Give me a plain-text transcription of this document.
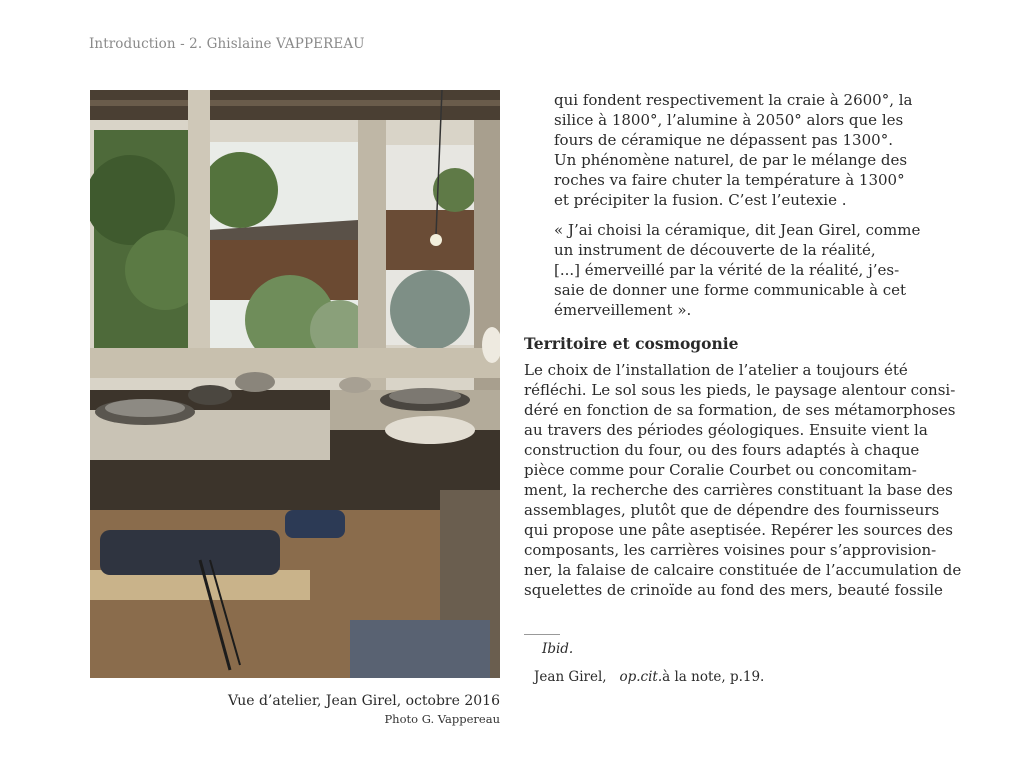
Introduction - 2. Ghislaine VAPPEREAU
Vue d’atelier, Jean Girel, octobre 2016
Photo G. Vappereau

qui fondent respectivement la craie à 2600°, la
silice à 1800°, l’alumine à 2050° alors que les
fours de céramique ne dépassent pas 1300°.
Un phénomène naturel, de par le mélange des
roches va faire chuter la température à 1300°
et précipiter la fusion. C’est l’eutexie .

« J’ai choisi la céramique, dit Jean Girel, comme
un instrument de découverte de la réalité,
[...] émerveillé par la vérité de la réalité, j’es-
saie de donner une forme communicable à cet
émerveillement ».

Territoire et cosmogonie

Le choix de l’installation de l’atelier a toujours été
réfléchi. Le sol sous les pieds, le paysage alentour consi-
déré en fonction de sa formation, de ses métamorphoses
au travers des périodes géologiques. Ensuite vient la
construction du four, ou des fours adaptés à chaque
pièce comme pour Coralie Courbet ou concomitam-
ment, la recherche des carrières constituant la base des
assemblages, plutôt que de dépendre des fournisseurs
qui propose une pâte aseptisée. Repérer les sources des
composants, les carrières voisines pour s’approvision-
ner, la falaise de calcaire constituée de l’accumulation de
squelettes de crinoïde au fond des mers, beauté fossile

Ibid.
Jean Girel, op.cit.à la note, p.19.
